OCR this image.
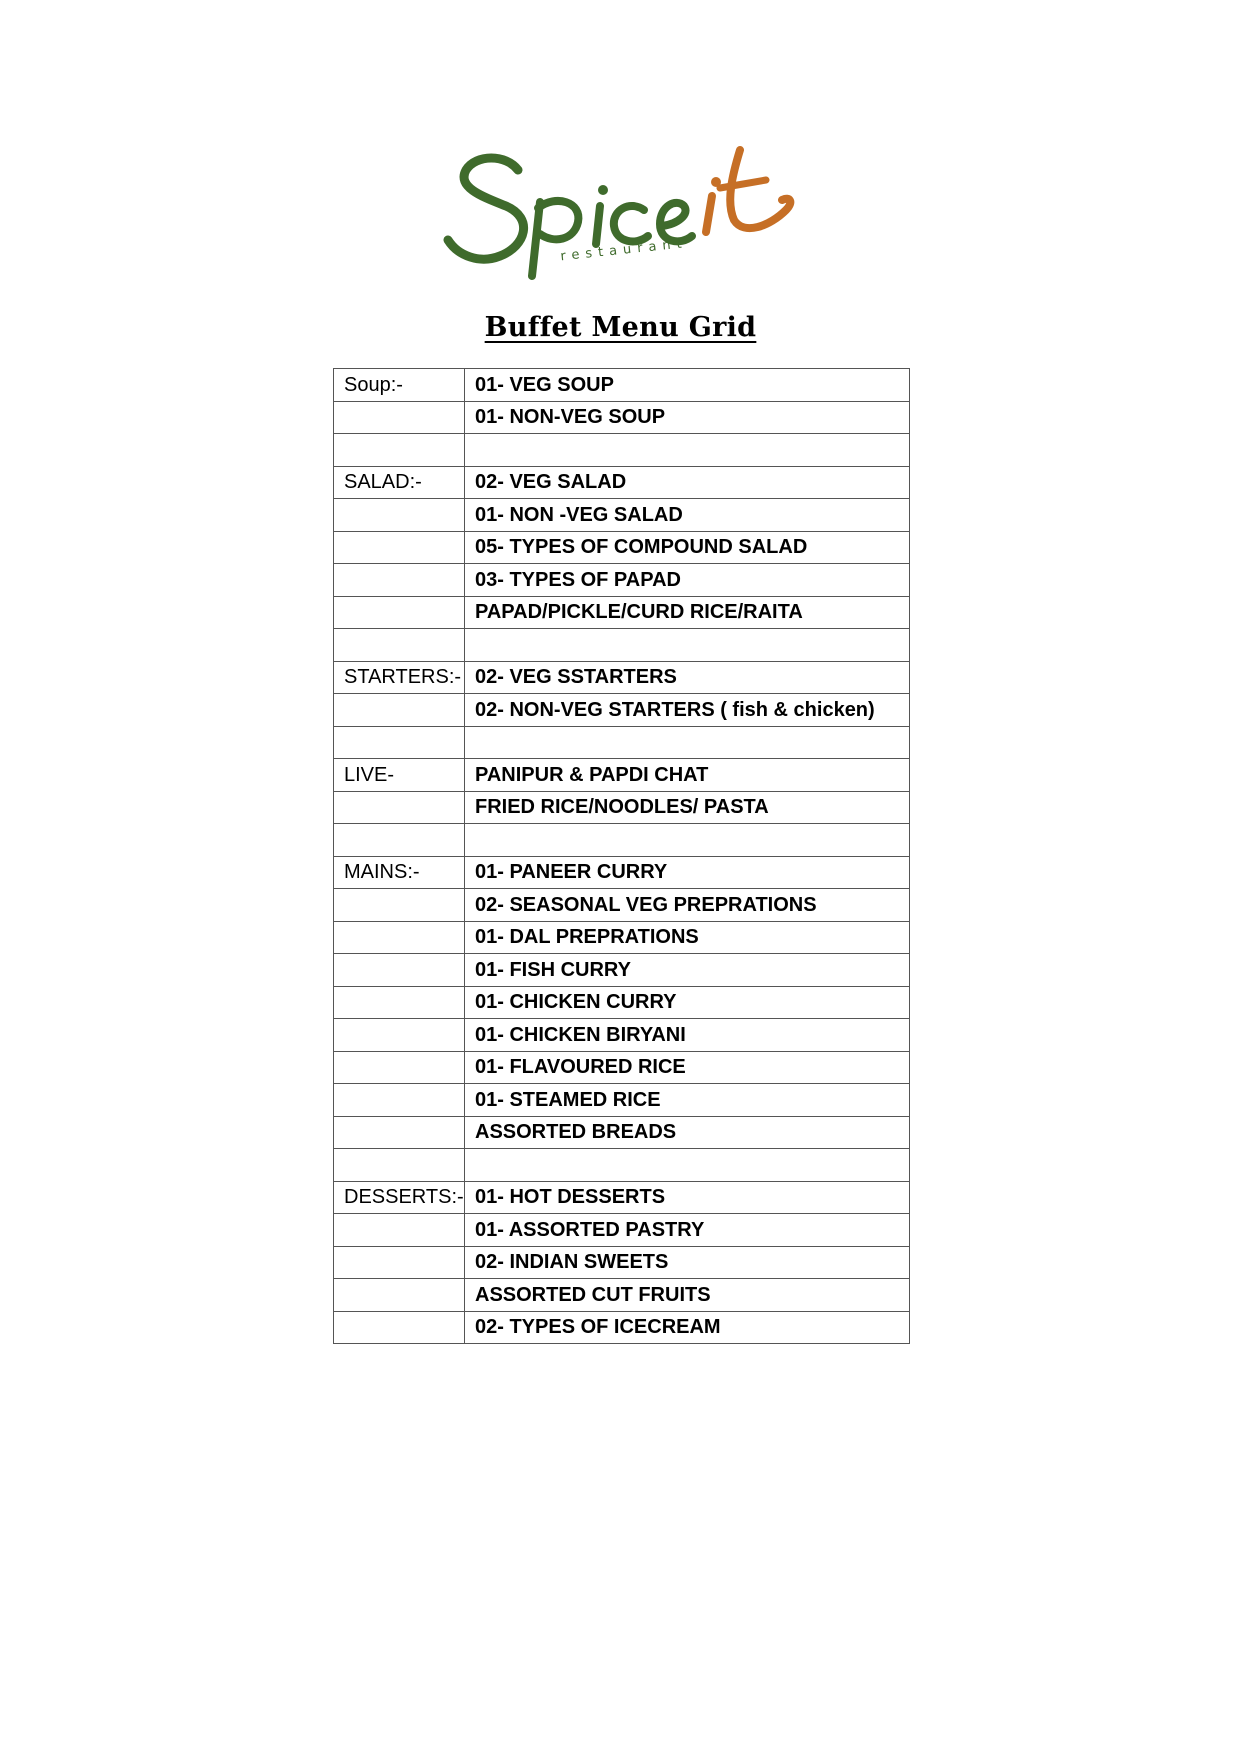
restaurant
Buffet Menu Grid
Soup:-	01- VEG SOUP
	01- NON-VEG SOUP

SALAD:-	02- VEG SALAD
	01- NON -VEG SALAD
	05- TYPES OF COMPOUND SALAD
	03- TYPES OF PAPAD
	PAPAD/PICKLE/CURD RICE/RAITA

STARTERS:-	02- VEG SSTARTERS
	02- NON-VEG STARTERS ( fish & chicken)

LIVE-	PANIPUR & PAPDI CHAT
	FRIED RICE/NOODLES/ PASTA

MAINS:-	01- PANEER CURRY
	02- SEASONAL VEG PREPRATIONS
	01- DAL PREPRATIONS
	01- FISH CURRY
	01- CHICKEN CURRY
	01- CHICKEN BIRYANI
	01- FLAVOURED RICE
	01- STEAMED RICE
	ASSORTED BREADS

DESSERTS:-	01- HOT DESSERTS
	01- ASSORTED PASTRY
	02- INDIAN SWEETS
	ASSORTED CUT FRUITS
	02- TYPES OF ICECREAM
